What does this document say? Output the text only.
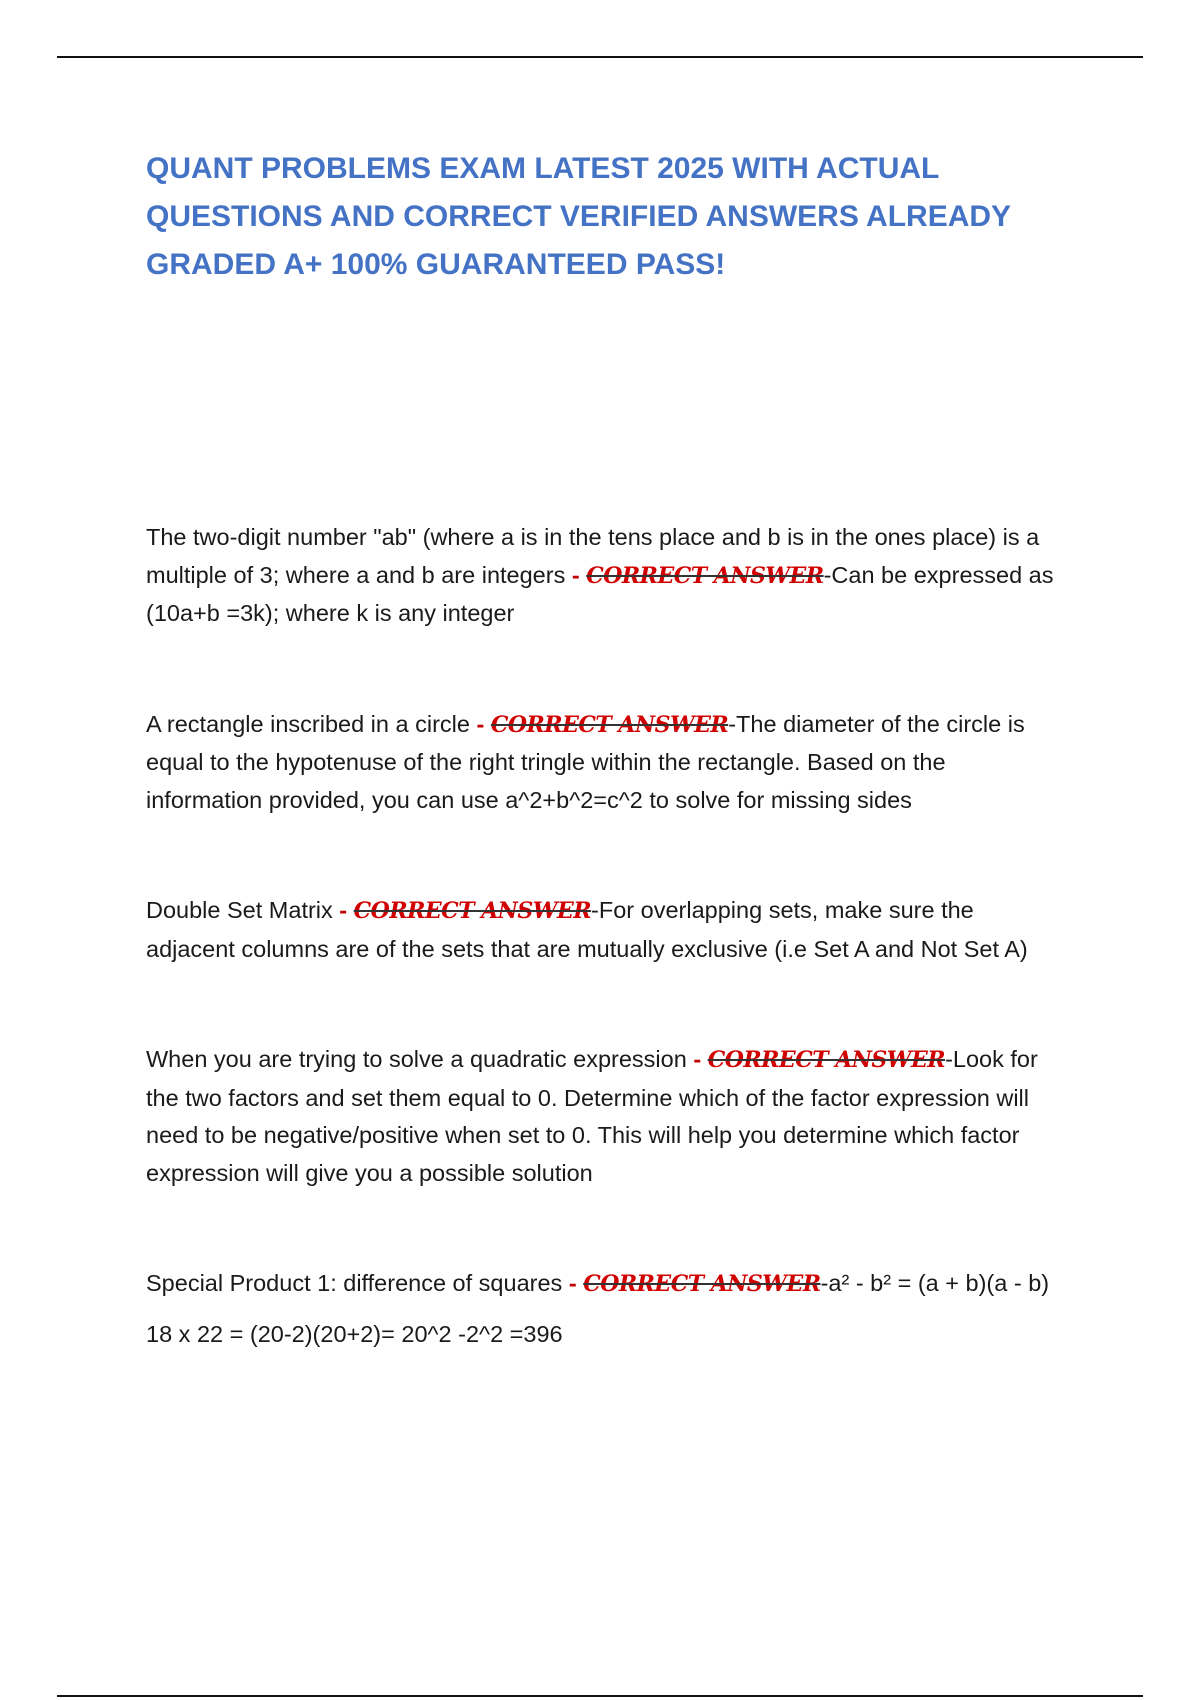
QUANT PROBLEMS EXAM LATEST 2025 WITH ACTUAL QUESTIONS AND CORRECT VERIFIED ANSWERS ALREADY GRADED A+ 100% GUARANTEED PASS!

The two-digit number "ab" (where a is in the tens place and b is in the ones place) is a multiple of 3; where a and b are integers - CORRECT ANSWER-Can be expressed as (10a+b =3k); where k is any integer

A rectangle inscribed in a circle - CORRECT ANSWER-The diameter of the circle is equal to the hypotenuse of the right tringle within the rectangle. Based on the information provided, you can use a^2+b^2=c^2 to solve for missing sides

Double Set Matrix - CORRECT ANSWER-For overlapping sets, make sure the adjacent columns are of the sets that are mutually exclusive (i.e Set A and Not Set A)

When you are trying to solve a quadratic expression - CORRECT ANSWER-Look for the two factors and set them equal to 0. Determine which of the factor expression will need to be negative/positive when set to 0. This will help you determine which factor expression will give you a possible solution

Special Product 1: difference of squares - CORRECT ANSWER-a² - b² = (a + b)(a - b)

18 x 22 = (20-2)(20+2)= 20^2 -2^2 =396
